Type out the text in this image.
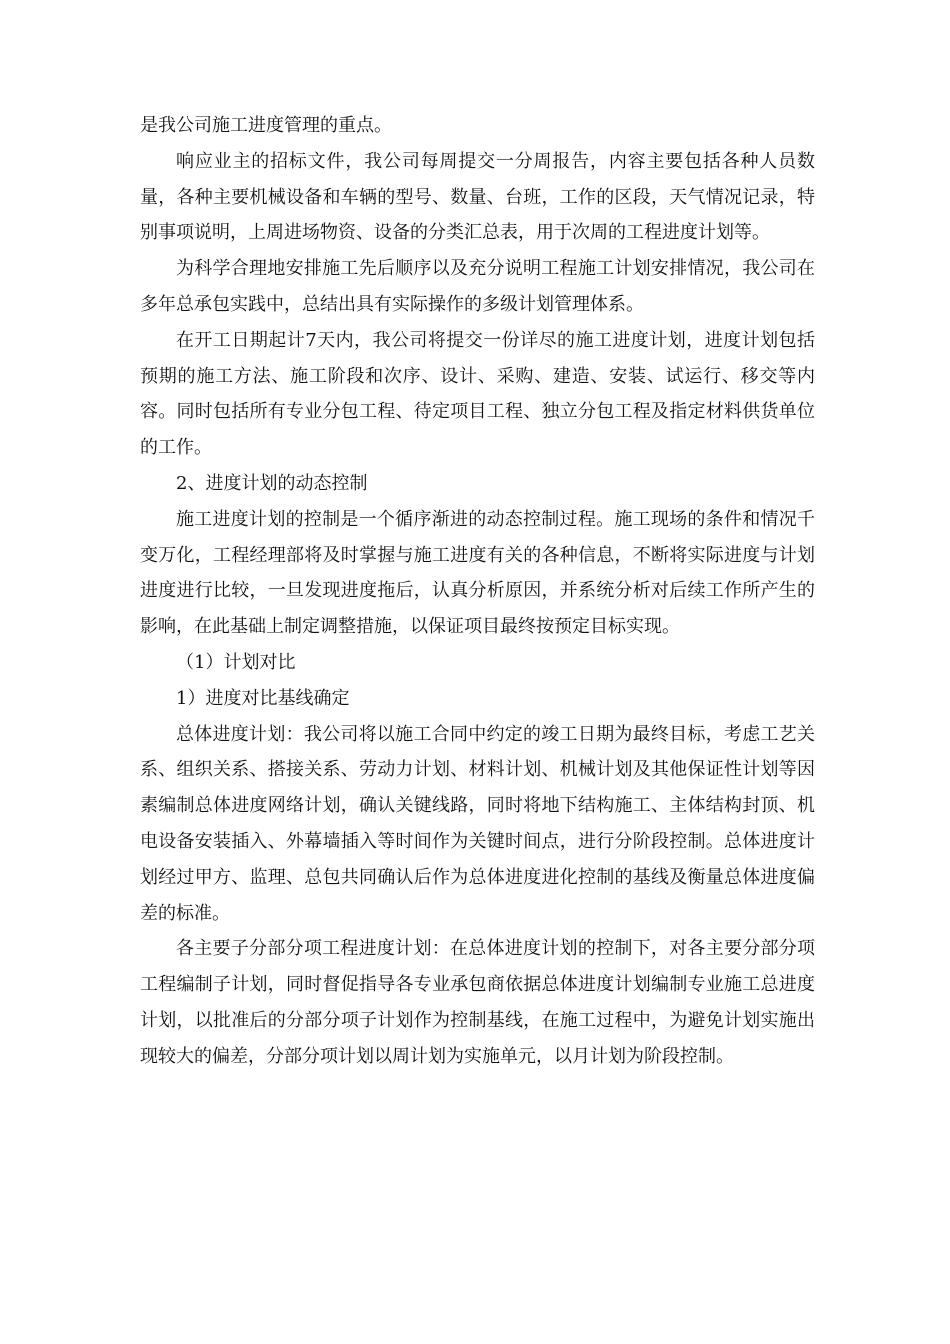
是我公司施工进度管理的重点。

响应业主的招标文件，我公司每周提交一分周报告，内容主要包括各种人员数量，各种主要机械设备和车辆的型号、数量、台班，工作的区段，天气情况记录，特别事项说明，上周进场物资、设备的分类汇总表，用于次周的工程进度计划等。

为科学合理地安排施工先后顺序以及充分说明工程施工计划安排情况，我公司在多年总承包实践中，总结出具有实际操作的多级计划管理体系。

在开工日期起计7天内，我公司将提交一份详尽的施工进度计划，进度计划包括预期的施工方法、施工阶段和次序、设计、采购、建造、安装、试运行、移交等内容。同时包括所有专业分包工程、待定项目工程、独立分包工程及指定材料供货单位的工作。

2、进度计划的动态控制

施工进度计划的控制是一个循序渐进的动态控制过程。施工现场的条件和情况千变万化，工程经理部将及时掌握与施工进度有关的各种信息，不断将实际进度与计划进度进行比较，一旦发现进度拖后，认真分析原因，并系统分析对后续工作所产生的影响，在此基础上制定调整措施，以保证项目最终按预定目标实现。

（1）计划对比

1）进度对比基线确定

总体进度计划：我公司将以施工合同中约定的竣工日期为最终目标，考虑工艺关系、组织关系、搭接关系、劳动力计划、材料计划、机械计划及其他保证性计划等因素编制总体进度网络计划，确认关键线路，同时将地下结构施工、主体结构封顶、机电设备安装插入、外幕墙插入等时间作为关键时间点，进行分阶段控制。总体进度计划经过甲方、监理、总包共同确认后作为总体进度进化控制的基线及衡量总体进度偏差的标准。

各主要子分部分项工程进度计划：在总体进度计划的控制下，对各主要分部分项工程编制子计划，同时督促指导各专业承包商依据总体进度计划编制专业施工总进度计划，以批准后的分部分项子计划作为控制基线，在施工过程中，为避免计划实施出现较大的偏差，分部分项计划以周计划为实施单元，以月计划为阶段控制。
